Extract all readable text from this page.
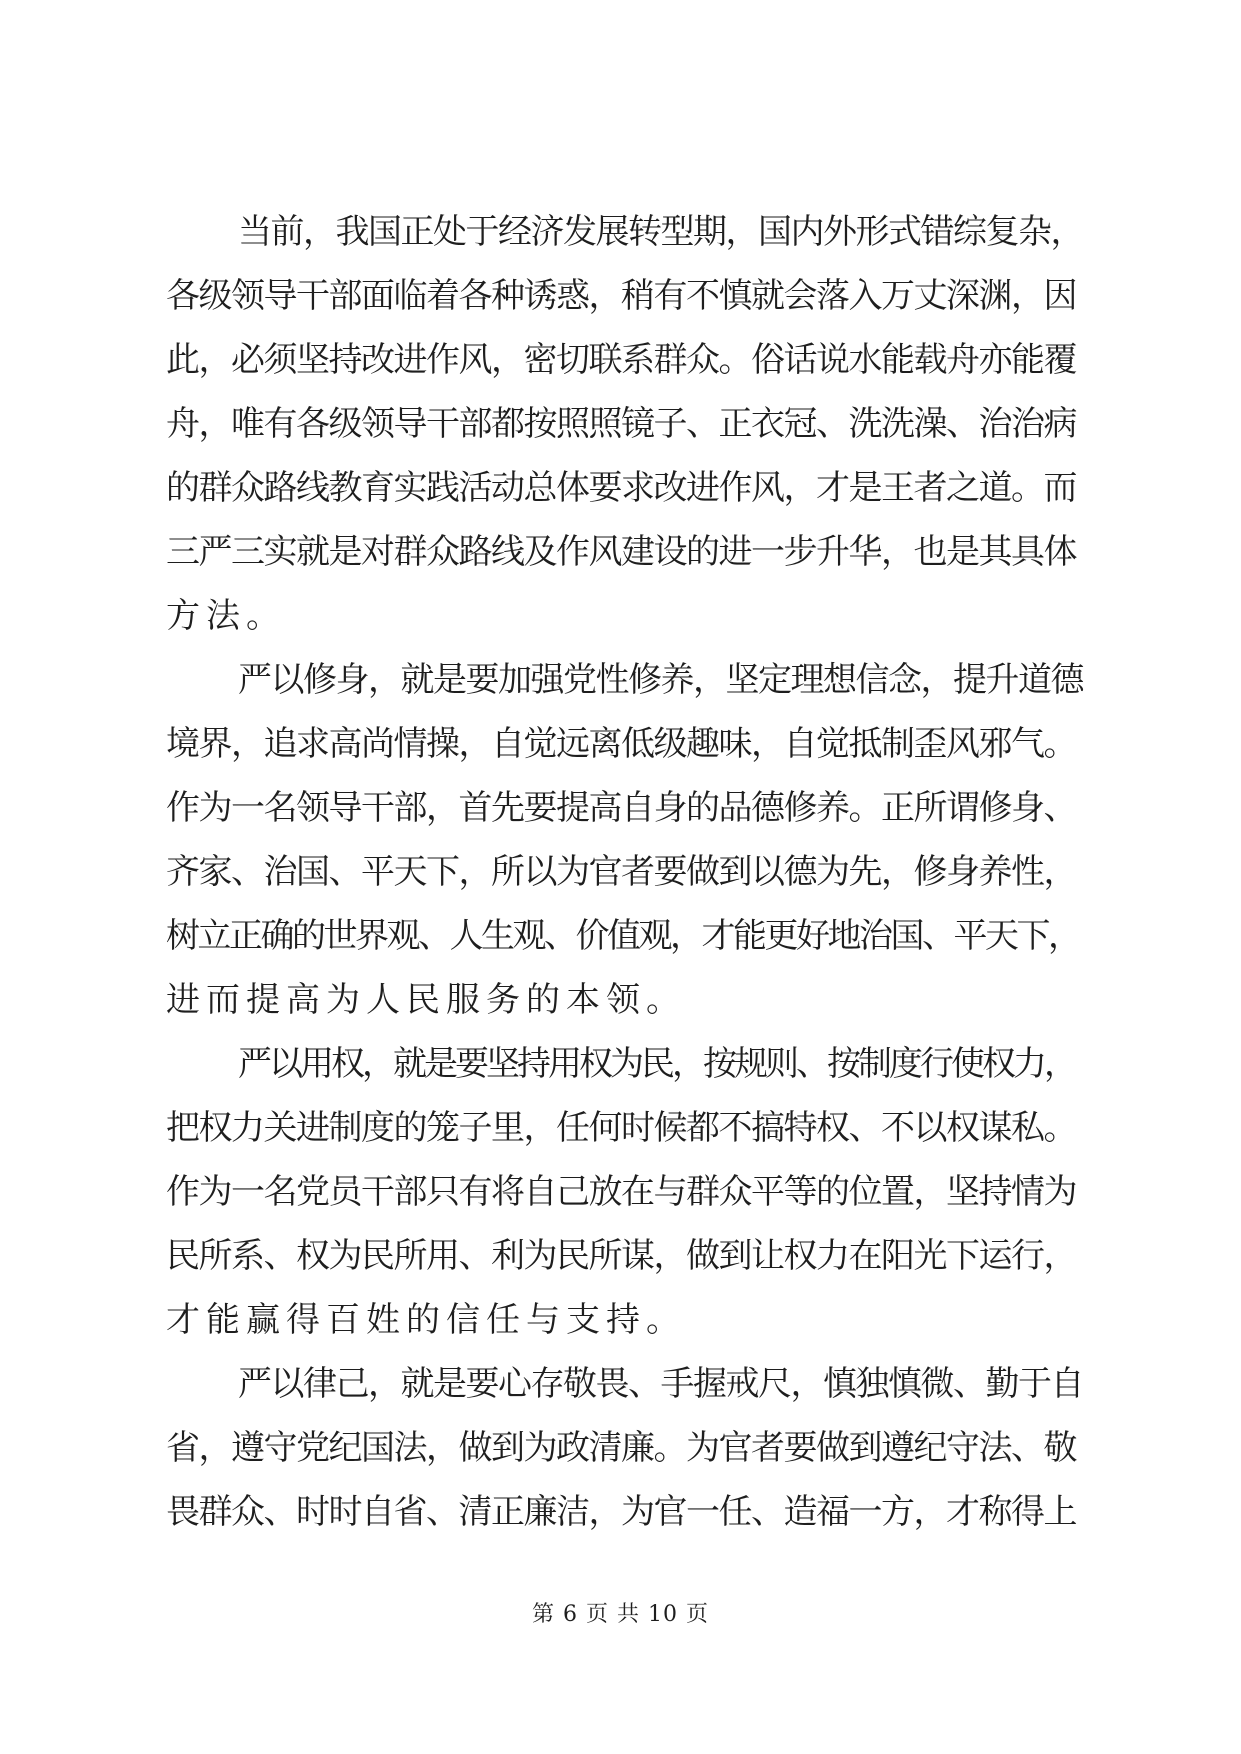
当前，我国正处于经济发展转型期，国内外形式错综复杂，
各级领导干部面临着各种诱惑，稍有不慎就会落入万丈深渊，因
此，必须坚持改进作风，密切联系群众。俗话说水能载舟亦能覆
舟，唯有各级领导干部都按照照镜子、正衣冠、洗洗澡、治治病
的群众路线教育实践活动总体要求改进作风，才是王者之道。而
三严三实就是对群众路线及作风建设的进一步升华，也是其具体
方法。
严以修身，就是要加强党性修养，坚定理想信念，提升道德
境界，追求高尚情操，自觉远离低级趣味，自觉抵制歪风邪气。
作为一名领导干部，首先要提高自身的品德修养。正所谓修身、
齐家、治国、平天下，所以为官者要做到以德为先，修身养性，
树立正确的世界观、人生观、价值观，才能更好地治国、平天下，
进而提高为人民服务的本领。
严以用权，就是要坚持用权为民，按规则、按制度行使权力，
把权力关进制度的笼子里，任何时候都不搞特权、不以权谋私。
作为一名党员干部只有将自己放在与群众平等的位置，坚持情为
民所系、权为民所用、利为民所谋，做到让权力在阳光下运行，
才能赢得百姓的信任与支持。
严以律己，就是要心存敬畏、手握戒尺，慎独慎微、勤于自
省，遵守党纪国法，做到为政清廉。为官者要做到遵纪守法、敬
畏群众、时时自省、清正廉洁，为官一任、造福一方，才称得上
第 6 页 共 10 页
